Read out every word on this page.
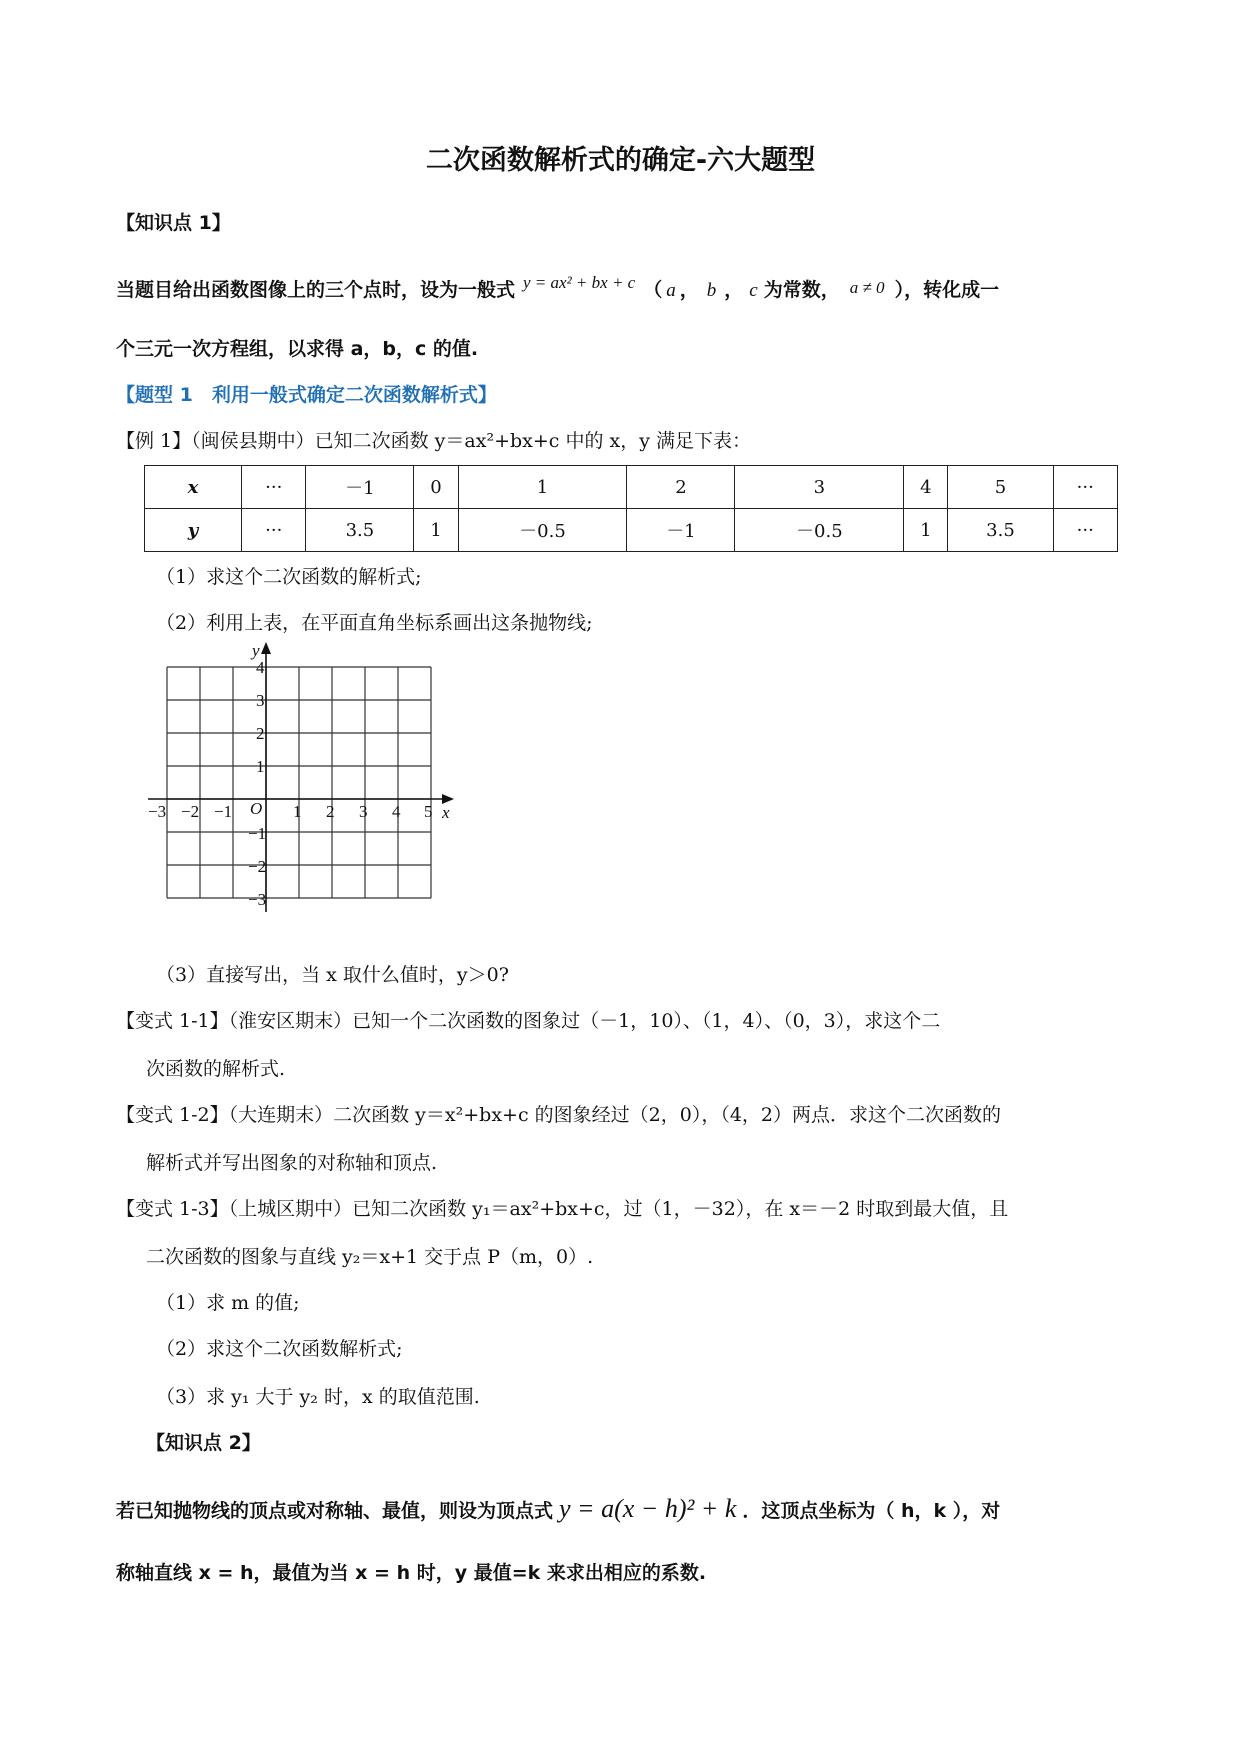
二次函数解析式的确定-六大题型
【知识点 1】
当题目给出函数图像上的三个点时，设为一般式 y = ax² + bx + c （ a ， b ， c 为常数， a ≠ 0 ），转化成一
个三元一次方程组，以求得 a，b，c 的值.
【题型 1　利用一般式确定二次函数解析式】
【例 1】（闽侯县期中）已知二次函数 y＝ax²+bx+c 中的 x，y 满足下表：
x	···	－1	0	1	2	3	4	5	···
y	···	3.5	1	－0.5	－1	－0.5	1	3.5	···
（1）求这个二次函数的解析式;
（2）利用上表，在平面直角坐标系画出这条抛物线;
y
x
O
−3 −2 −1	1 2 3 4 5
4
3
2
1
−1
−2
−3
（3）直接写出，当 x 取什么值时，y＞0?
【变式 1-1】（淮安区期末）已知一个二次函数的图象过（－1，10）、（1，4）、（0，3），求这个二
次函数的解析式.
【变式 1-2】（大连期末）二次函数 y＝x²+bx+c 的图象经过（2，0），（4，2）两点．求这个二次函数的
解析式并写出图象的对称轴和顶点.
【变式 1-3】（上城区期中）已知二次函数 y₁＝ax²+bx+c，过（1，－32），在 x＝－2 时取到最大值，且
二次函数的图象与直线 y₂＝x+1 交于点 P（m，0）.
（1）求 m 的值;
（2）求这个二次函数解析式;
（3）求 y₁ 大于 y₂ 时，x 的取值范围.
【知识点 2】
若已知抛物线的顶点或对称轴、最值，则设为顶点式 y = a(x − h)² + k ．这顶点坐标为（ h，k ），对
称轴直线 x = h，最值为当 x = h 时，y 最值=k 来求出相应的系数.
